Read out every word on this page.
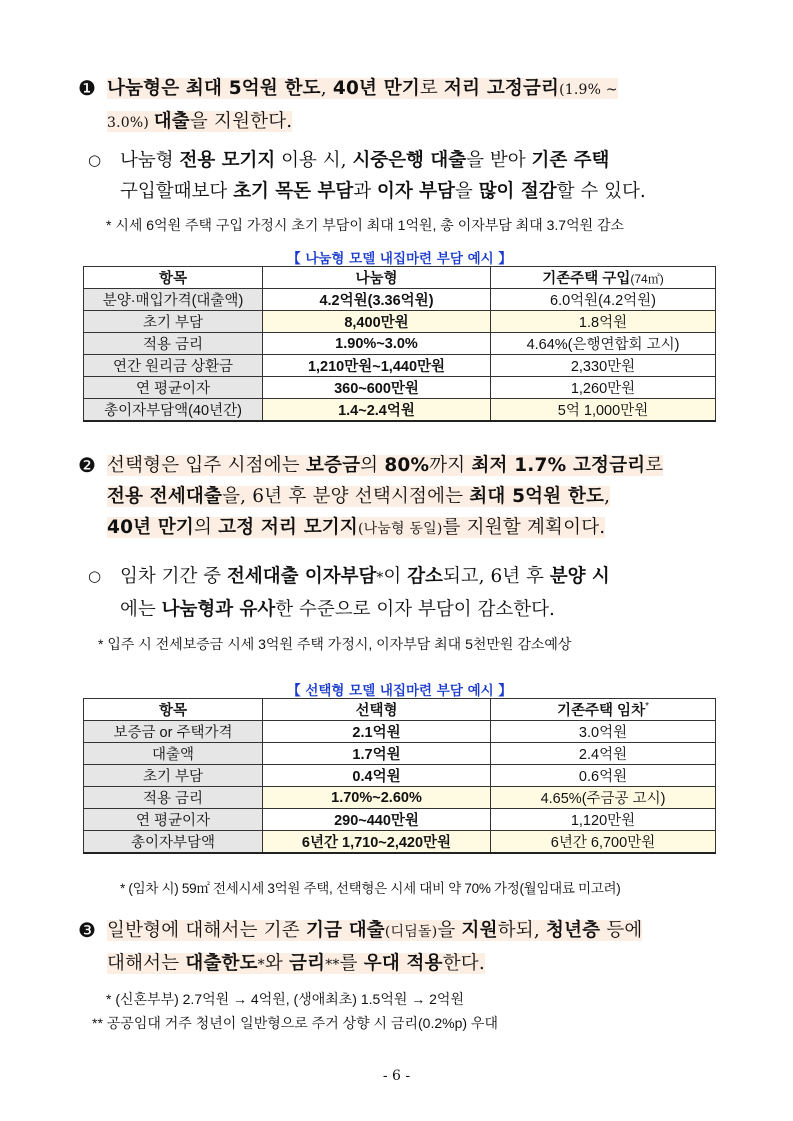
❶ 나눔형은 최대 5억원 한도, 40년 만기로 저리 고정금리(1.9% ~
3.0%) 대출을 지원한다.
○	나눔형 전용 모기지 이용 시, 시중은행 대출을 받아 기존 주택
구입할때보다 초기 목돈 부담과 이자 부담을 많이 절감할 수 있다.
* 시세 6억원 주택 구입 가정시 초기 부담이 최대 1억원, 총 이자부담 최대 3.7억원 감소
【 나눔형 모델 내집마련 부담 예시 】
항목	나눔형	기존주택 구입(74㎡)
분양·매입가격(대출액)	4.2억원(3.36억원)	6.0억원(4.2억원)
초기 부담	8,400만원	1.8억원
적용 금리	1.90%~3.0%	4.64%(은행연합회 고시)
연간 원리금 상환금	1,210만원~1,440만원	2,330만원
연 평균이자	360~600만원	1,260만원
총이자부담액(40년간)	1.4~2.4억원	5억 1,000만원
❷ 선택형은 입주 시점에는 보증금의 80%까지 최저 1.7% 고정금리로
전용 전세대출을, 6년 후 분양 선택시점에는 최대 5억원 한도,
40년 만기의 고정 저리 모기지(나눔형 동일)를 지원할 계획이다.
○	임차 기간 중 전세대출 이자부담*이 감소되고, 6년 후 분양 시
에는 나눔형과 유사한 수준으로 이자 부담이 감소한다.
* 입주 시 전세보증금 시세 3억원 주택 가정시, 이자부담 최대 5천만원 감소예상
【 선택형 모델 내집마련 부담 예시 】
항목	선택형	기존주택 임차*
보증금 or 주택가격	2.1억원	3.0억원
대출액	1.7억원	2.4억원
초기 부담	0.4억원	0.6억원
적용 금리	1.70%~2.60%	4.65%(주금공 고시)
연 평균이자	290~440만원	1,120만원
총이자부담액	6년간 1,710~2,420만원	6년간 6,700만원
* (임차 시) 59㎡ 전세시세 3억원 주택, 선택형은 시세 대비 약 70% 가정(월임대료 미고려)
❸ 일반형에 대해서는 기존 기금 대출(디딤돌)을 지원하되, 청년층 등에
대해서는 대출한도*와 금리**를 우대 적용한다.
* (신혼부부) 2.7억원 → 4억원, (생애최초) 1.5억원 → 2억원
** 공공임대 거주 청년이 일반형으로 주거 상향 시 금리(0.2%p) 우대
- 6 -
